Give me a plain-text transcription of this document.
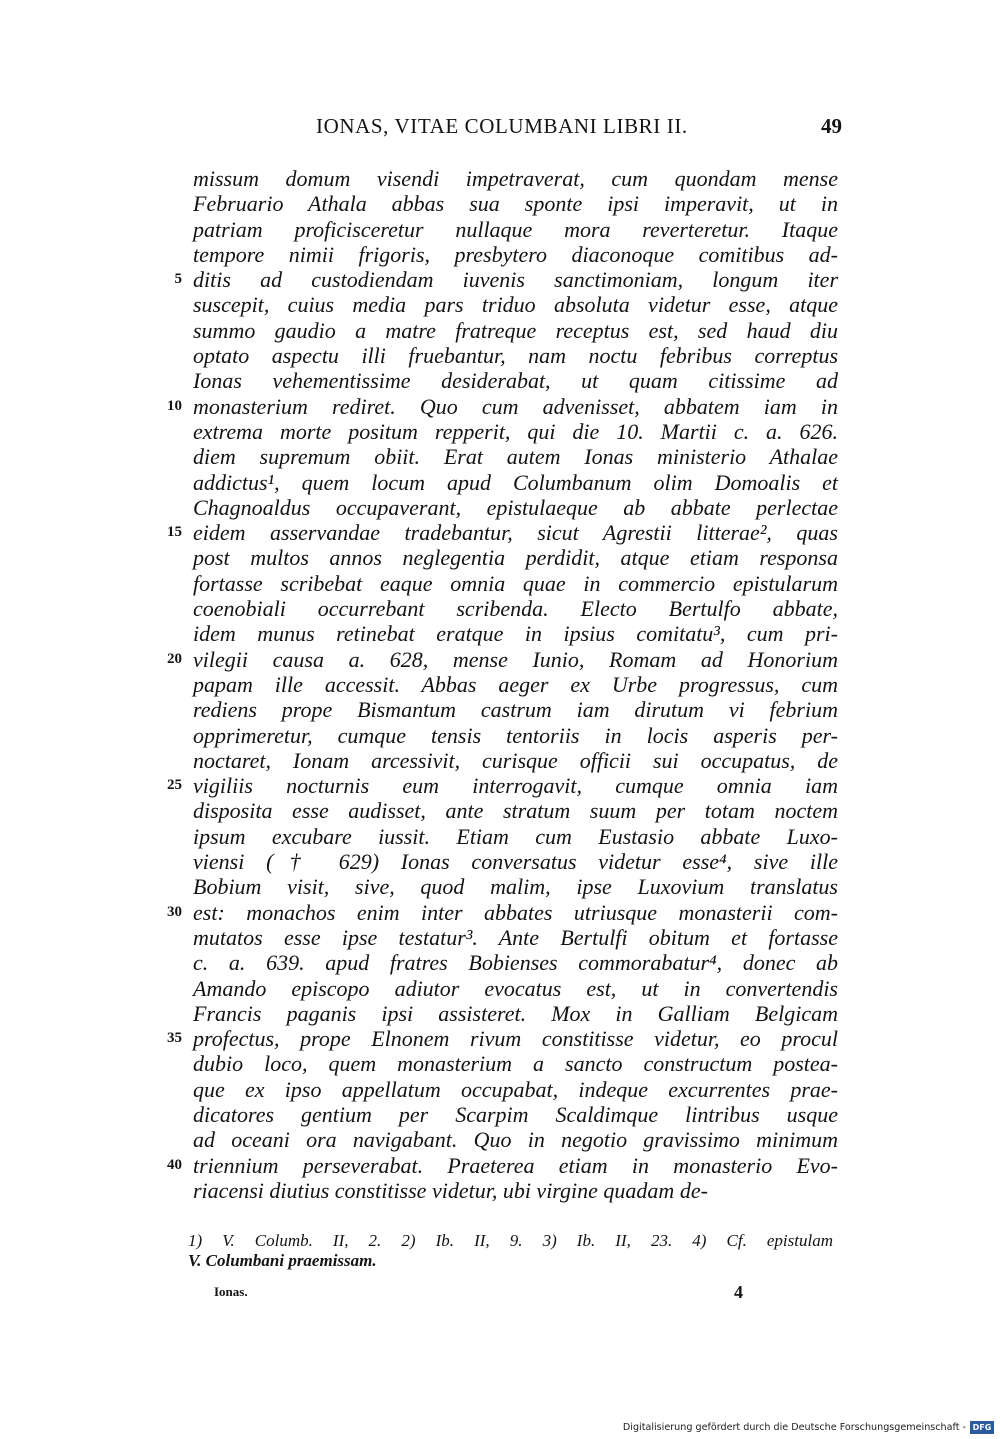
IONAS, VITAE COLUMBANI LIBRI II.	49
missum domum visendi impetraverat, cum quondam mense
Februario Athala abbas sua sponte ipsi imperavit, ut in
patriam proficisceretur nullaque mora reverteretur. Itaque
tempore nimii frigoris, presbytero diaconoque comitibus ad-
ditis ad custodiendam iuvenis sanctimoniam, longum iter
5
suscepit, cuius media pars triduo absoluta videtur esse, atque
summo gaudio a matre fratreque receptus est, sed haud diu
optato aspectu illi fruebantur, nam noctu febribus correptus
Ionas vehementissime desiderabat, ut quam citissime ad
monasterium rediret. Quo cum advenisset, abbatem iam in
10
extrema morte positum repperit, qui die 10. Martii c. a. 626.
diem supremum obiit. Erat autem Ionas ministerio Athalae
addictus¹, quem locum apud Columbanum olim Domoalis et
Chagnoaldus occupaverant, epistulaeque ab abbate perlectae
eidem asservandae tradebantur, sicut Agrestii litterae², quas
15
post multos annos neglegentia perdidit, atque etiam responsa
fortasse scribebat eaque omnia quae in commercio epistularum
coenobiali occurrebant scribenda. Electo Bertulfo abbate,
idem munus retinebat eratque in ipsius comitatu³, cum pri-
vilegii causa a. 628, mense Iunio, Romam ad Honorium
20
papam ille accessit. Abbas aeger ex Urbe progressus, cum
rediens prope Bismantum castrum iam dirutum vi febrium
opprimeretur, cumque tensis tentoriis in locis asperis per-
noctaret, Ionam arcessivit, curisque officii sui occupatus, de
vigiliis nocturnis eum interrogavit, cumque omnia iam
25
disposita esse audisset, ante stratum suum per totam noctem
ipsum excubare iussit. Etiam cum Eustasio abbate Luxo-
viensi († 629) Ionas conversatus videtur esse⁴, sive ille
Bobium visit, sive, quod malim, ipse Luxovium translatus
est: monachos enim inter abbates utriusque monasterii com-
30
mutatos esse ipse testatur³. Ante Bertulfi obitum et fortasse
c. a. 639. apud fratres Bobienses commorabatur⁴, donec ab
Amando episcopo adiutor evocatus est, ut in convertendis
Francis paganis ipsi assisteret. Mox in Galliam Belgicam
profectus, prope Elnonem rivum constitisse videtur, eo procul
35
dubio loco, quem monasterium a sancto constructum postea-
que ex ipso appellatum occupabat, indeque excurrentes prae-
dicatores gentium per Scarpim Scaldimque lintribus usque
ad oceani ora navigabant. Quo in negotio gravissimo minimum
triennium perseverabat. Praeterea etiam in monasterio Evo-
40
riacensi diutius constitisse videtur, ubi virgine quadam de-
1) V. Columb. II, 2. 2) Ib. II, 9. 3) Ib. II, 23. 4) Cf. epistulam
V. Columbani praemissam.
Ionas.	4
Digitalisierung gefördert durch die Deutsche Forschungsgemeinschaft - DFG
